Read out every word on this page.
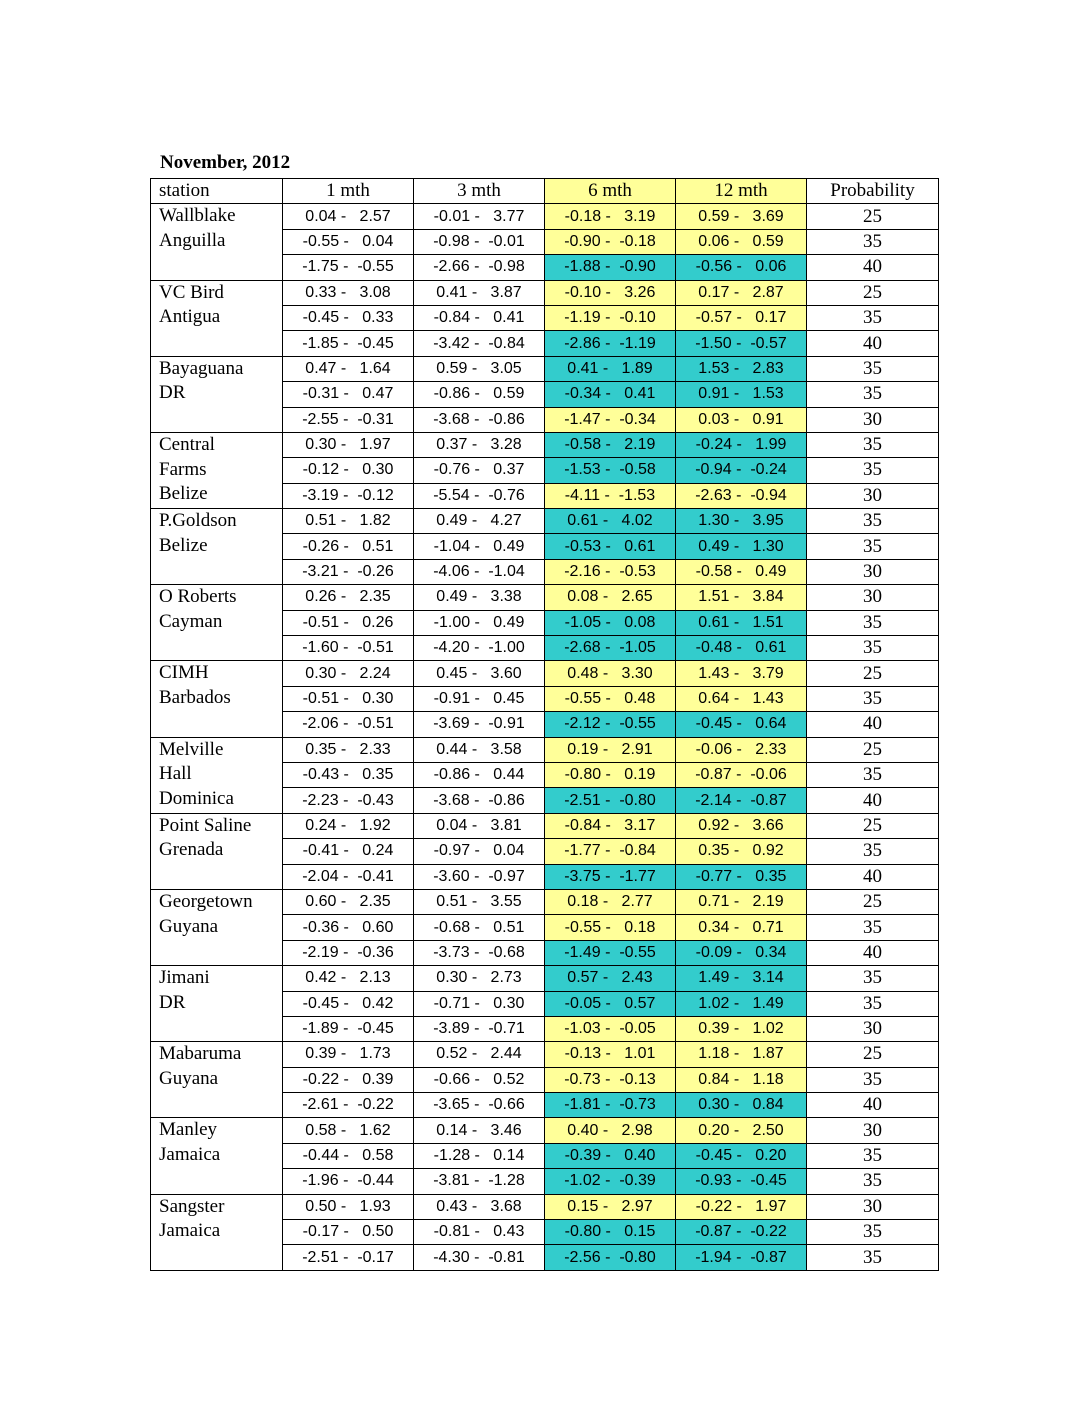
November, 2012
station	1 mth	3 mth	6 mth	12 mth	Probability

Wallblake
Anguilla	0.04 -   2.57	-0.01 -   3.77	-0.18 -   3.19	0.59 -   3.69	25
	-0.55 -   0.04	-0.98 -  -0.01	-0.90 -  -0.18	0.06 -   0.59	35
	-1.75 -  -0.55	-2.66 -  -0.98	-1.88 -  -0.90	-0.56 -   0.06	40

VC Bird
Antigua	0.33 -   3.08	0.41 -   3.87	-0.10 -   3.26	0.17 -   2.87	25
	-0.45 -   0.33	-0.84 -   0.41	-1.19 -  -0.10	-0.57 -   0.17	35
	-1.85 -  -0.45	-3.42 -  -0.84	-2.86 -  -1.19	-1.50 -  -0.57	40

Bayaguana
DR	0.47 -   1.64	0.59 -   3.05	0.41 -   1.89	1.53 -   2.83	35
	-0.31 -   0.47	-0.86 -   0.59	-0.34 -   0.41	0.91 -   1.53	35
	-2.55 -  -0.31	-3.68 -  -0.86	-1.47 -  -0.34	0.03 -   0.91	30

Central
Farms
Belize	0.30 -   1.97	0.37 -   3.28	-0.58 -   2.19	-0.24 -   1.99	35
	-0.12 -   0.30	-0.76 -   0.37	-1.53 -  -0.58	-0.94 -  -0.24	35
	-3.19 -  -0.12	-5.54 -  -0.76	-4.11 -  -1.53	-2.63 -  -0.94	30

P.Goldson
Belize	0.51 -   1.82	0.49 -   4.27	0.61 -   4.02	1.30 -   3.95	35
	-0.26 -   0.51	-1.04 -   0.49	-0.53 -   0.61	0.49 -   1.30	35
	-3.21 -  -0.26	-4.06 -  -1.04	-2.16 -  -0.53	-0.58 -   0.49	30

O Roberts
Cayman	0.26 -   2.35	0.49 -   3.38	0.08 -   2.65	1.51 -   3.84	30
	-0.51 -   0.26	-1.00 -   0.49	-1.05 -   0.08	0.61 -   1.51	35
	-1.60 -  -0.51	-4.20 -  -1.00	-2.68 -  -1.05	-0.48 -   0.61	35

CIMH
Barbados	0.30 -   2.24	0.45 -   3.60	0.48 -   3.30	1.43 -   3.79	25
	-0.51 -   0.30	-0.91 -   0.45	-0.55 -   0.48	0.64 -   1.43	35
	-2.06 -  -0.51	-3.69 -  -0.91	-2.12 -  -0.55	-0.45 -   0.64	40

Melville
Hall
Dominica	0.35 -   2.33	0.44 -   3.58	0.19 -   2.91	-0.06 -   2.33	25
	-0.43 -   0.35	-0.86 -   0.44	-0.80 -   0.19	-0.87 -  -0.06	35
	-2.23 -  -0.43	-3.68 -  -0.86	-2.51 -  -0.80	-2.14 -  -0.87	40

Point Saline
Grenada	0.24 -   1.92	0.04 -   3.81	-0.84 -   3.17	0.92 -   3.66	25
	-0.41 -   0.24	-0.97 -   0.04	-1.77 -  -0.84	0.35 -   0.92	35
	-2.04 -  -0.41	-3.60 -  -0.97	-3.75 -  -1.77	-0.77 -   0.35	40

Georgetown
Guyana	0.60 -   2.35	0.51 -   3.55	0.18 -   2.77	0.71 -   2.19	25
	-0.36 -   0.60	-0.68 -   0.51	-0.55 -   0.18	0.34 -   0.71	35
	-2.19 -  -0.36	-3.73 -  -0.68	-1.49 -  -0.55	-0.09 -   0.34	40

Jimani
DR	0.42 -   2.13	0.30 -   2.73	0.57 -   2.43	1.49 -   3.14	35
	-0.45 -   0.42	-0.71 -   0.30	-0.05 -   0.57	1.02 -   1.49	35
	-1.89 -  -0.45	-3.89 -  -0.71	-1.03 -  -0.05	0.39 -   1.02	30

Mabaruma
Guyana	0.39 -   1.73	0.52 -   2.44	-0.13 -   1.01	1.18 -   1.87	25
	-0.22 -   0.39	-0.66 -   0.52	-0.73 -  -0.13	0.84 -   1.18	35
	-2.61 -  -0.22	-3.65 -  -0.66	-1.81 -  -0.73	0.30 -   0.84	40

Manley
Jamaica	0.58 -   1.62	0.14 -   3.46	0.40 -   2.98	0.20 -   2.50	30
	-0.44 -   0.58	-1.28 -   0.14	-0.39 -   0.40	-0.45 -   0.20	35
	-1.96 -  -0.44	-3.81 -  -1.28	-1.02 -  -0.39	-0.93 -  -0.45	35

Sangster
Jamaica	0.50 -   1.93	0.43 -   3.68	0.15 -   2.97	-0.22 -   1.97	30
	-0.17 -   0.50	-0.81 -   0.43	-0.80 -   0.15	-0.87 -  -0.22	35
	-2.51 -  -0.17	-4.30 -  -0.81	-2.56 -  -0.80	-1.94 -  -0.87	35
